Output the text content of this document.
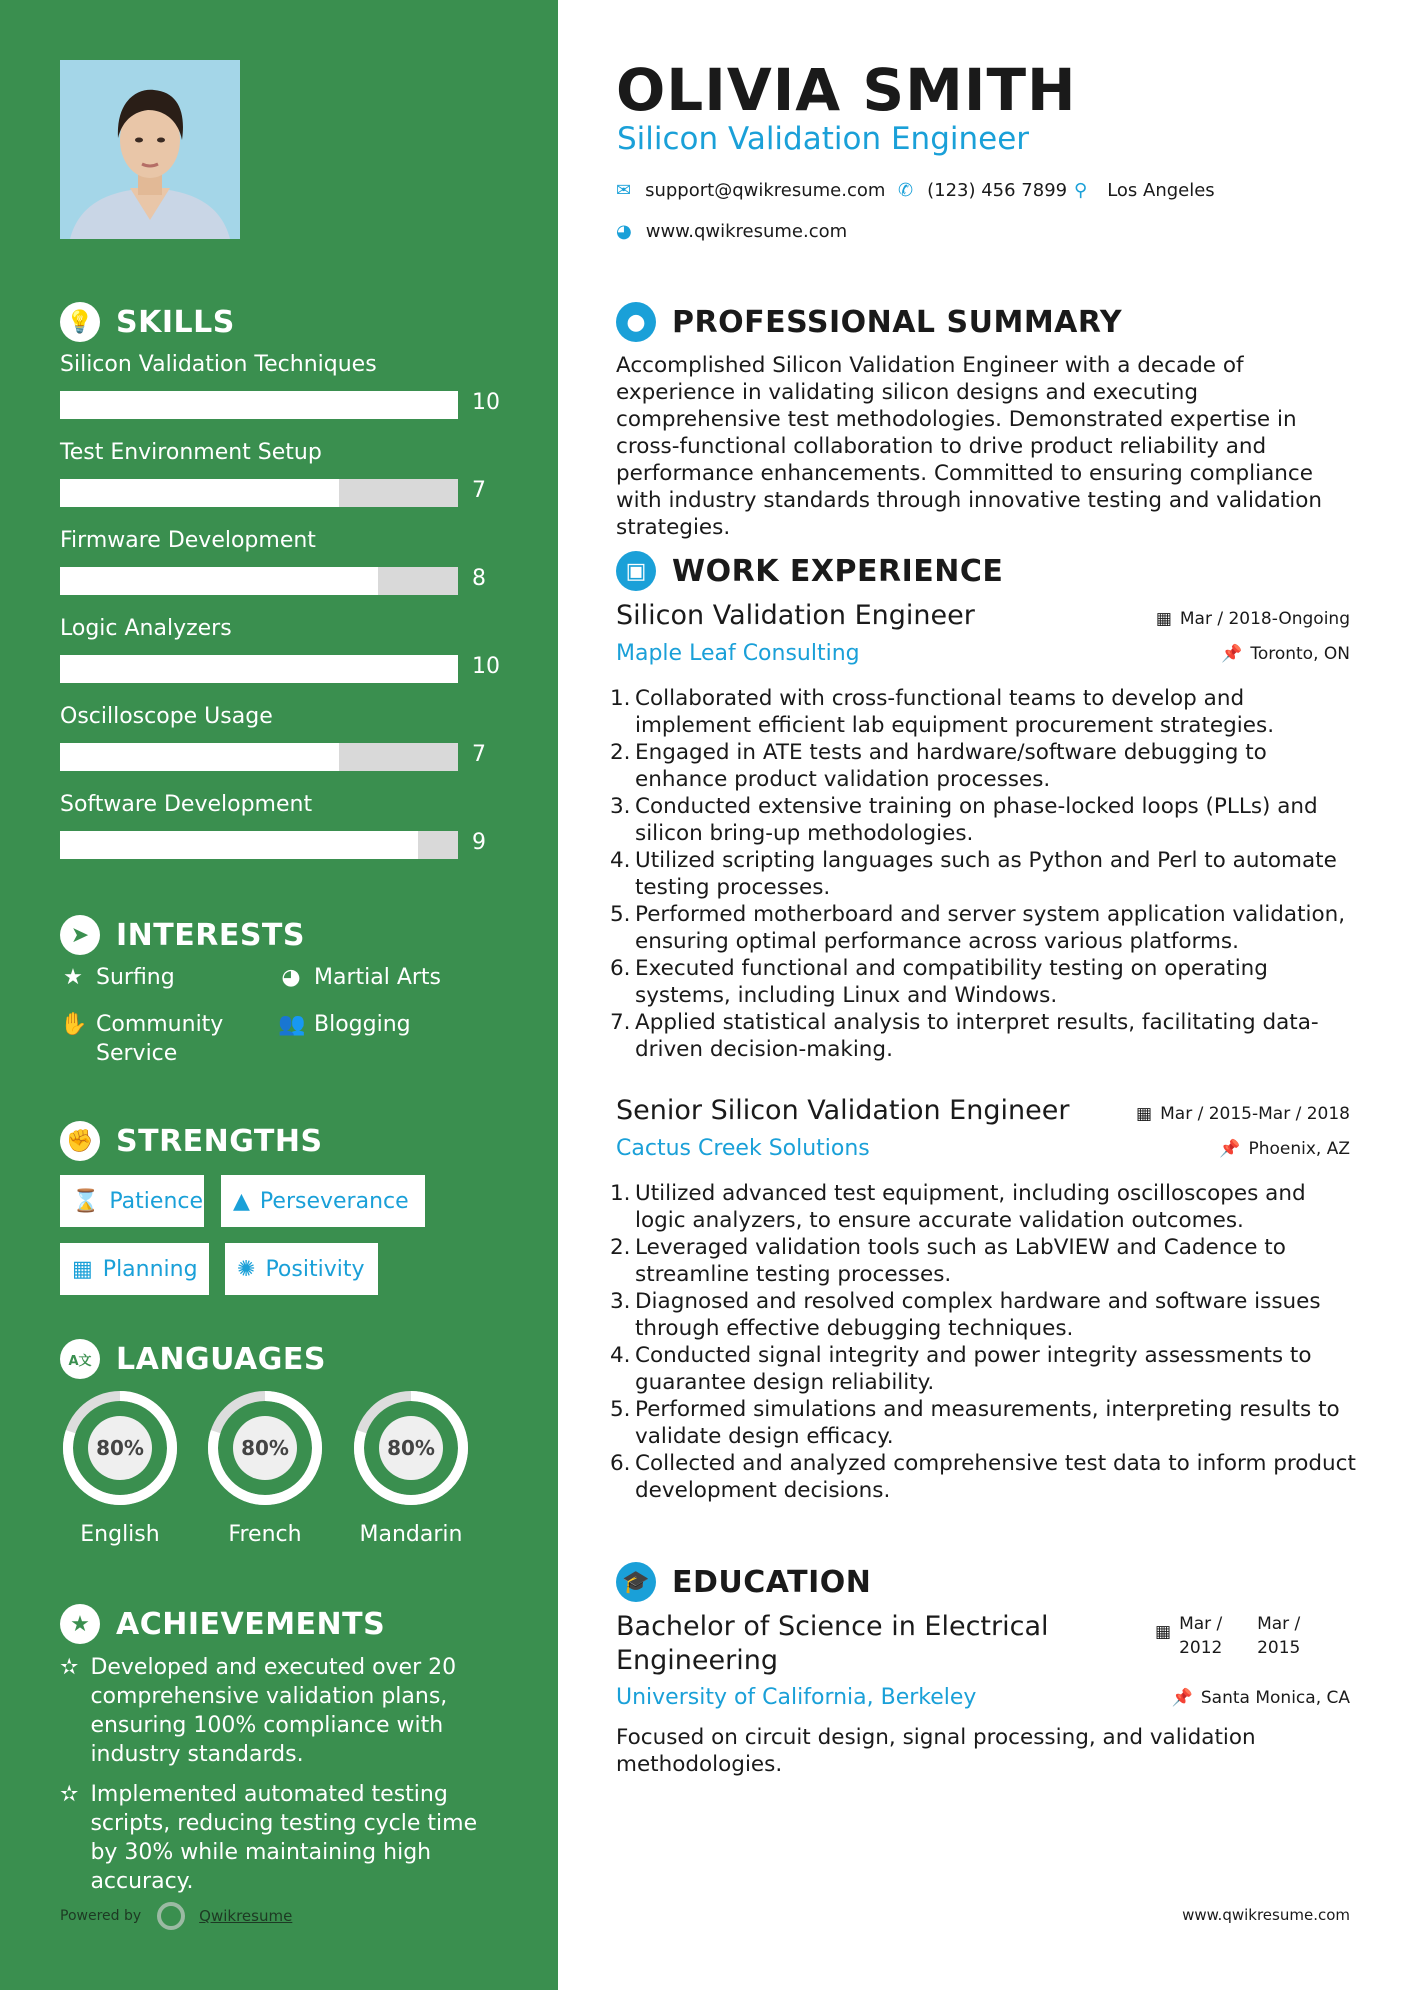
💡 SKILLS
➤ INTERESTS
★ Surfing	◕ Martial Arts
✋ Community Service
👥 Blogging
✊ STRENGTHS
⌛ Patience ▲ Perseverance
▦ Planning ✺ Positivity
A文 LANGUAGES
★ ACHIEVEMENTS
✫ Developed and executed over 20 comprehensive validation plans, ensuring 100% compliance with industry standards.
✫ Implemented automated testing scripts, reducing testing cycle time by 30% while maintaining high accuracy.
Powered by	Qwikresume
Silicon Validation Techniques
10
Test Environment Setup
7
Firmware Development
8
Logic Analyzers
10
Oscilloscope Usage
7
Software Development
9
80%
English
80%
French
80%
Mandarin
OLIVIA SMITH
Silicon Validation Engineer
✉ support@qwikresume.com ✆ (123) 456 7899 ⚲ Los Angeles
◕ www.qwikresume.com
● PROFESSIONAL SUMMARY
Accomplished Silicon Validation Engineer with a decade of experience in validating silicon designs and executing comprehensive test methodologies. Demonstrated expertise in cross-functional collaboration to drive product reliability and performance enhancements. Committed to ensuring compliance with industry standards through innovative testing and validation strategies.
▣ WORK EXPERIENCE
Silicon Validation Engineer	▦ Mar / 2018-Ongoing
Maple Leaf Consulting	📌 Toronto, ON
1. Collaborated with cross-functional teams to develop and implement efficient lab equipment procurement strategies.
2. Engaged in ATE tests and hardware/software debugging to enhance product validation processes.
3. Conducted extensive training on phase-locked loops (PLLs) and silicon bring-up methodologies.
4. Utilized scripting languages such as Python and Perl to automate testing processes.
5. Performed motherboard and server system application validation, ensuring optimal performance across various platforms.
6. Executed functional and compatibility testing on operating systems, including Linux and Windows.
7. Applied statistical analysis to interpret results, facilitating data-driven decision-making.
Senior Silicon Validation Engineer	▦ Mar / 2015-Mar / 2018
Cactus Creek Solutions	📌 Phoenix, AZ
1. Utilized advanced test equipment, including oscilloscopes and logic analyzers, to ensure accurate validation outcomes.
2. Leveraged validation tools such as LabVIEW and Cadence to streamline testing processes.
3. Diagnosed and resolved complex hardware and software issues through effective debugging techniques.
4. Conducted signal integrity and power integrity assessments to guarantee design reliability.
5. Performed simulations and measurements, interpreting results to validate design efficacy.
6. Collected and analyzed comprehensive test data to inform product development decisions.
🎓 EDUCATION
Bachelor of Science in Electrical Engineering
▦ Mar / 2012
Mar / 2015
University of California, Berkeley	📌 Santa Monica, CA
Focused on circuit design, signal processing, and validation methodologies.
www.qwikresume.com
